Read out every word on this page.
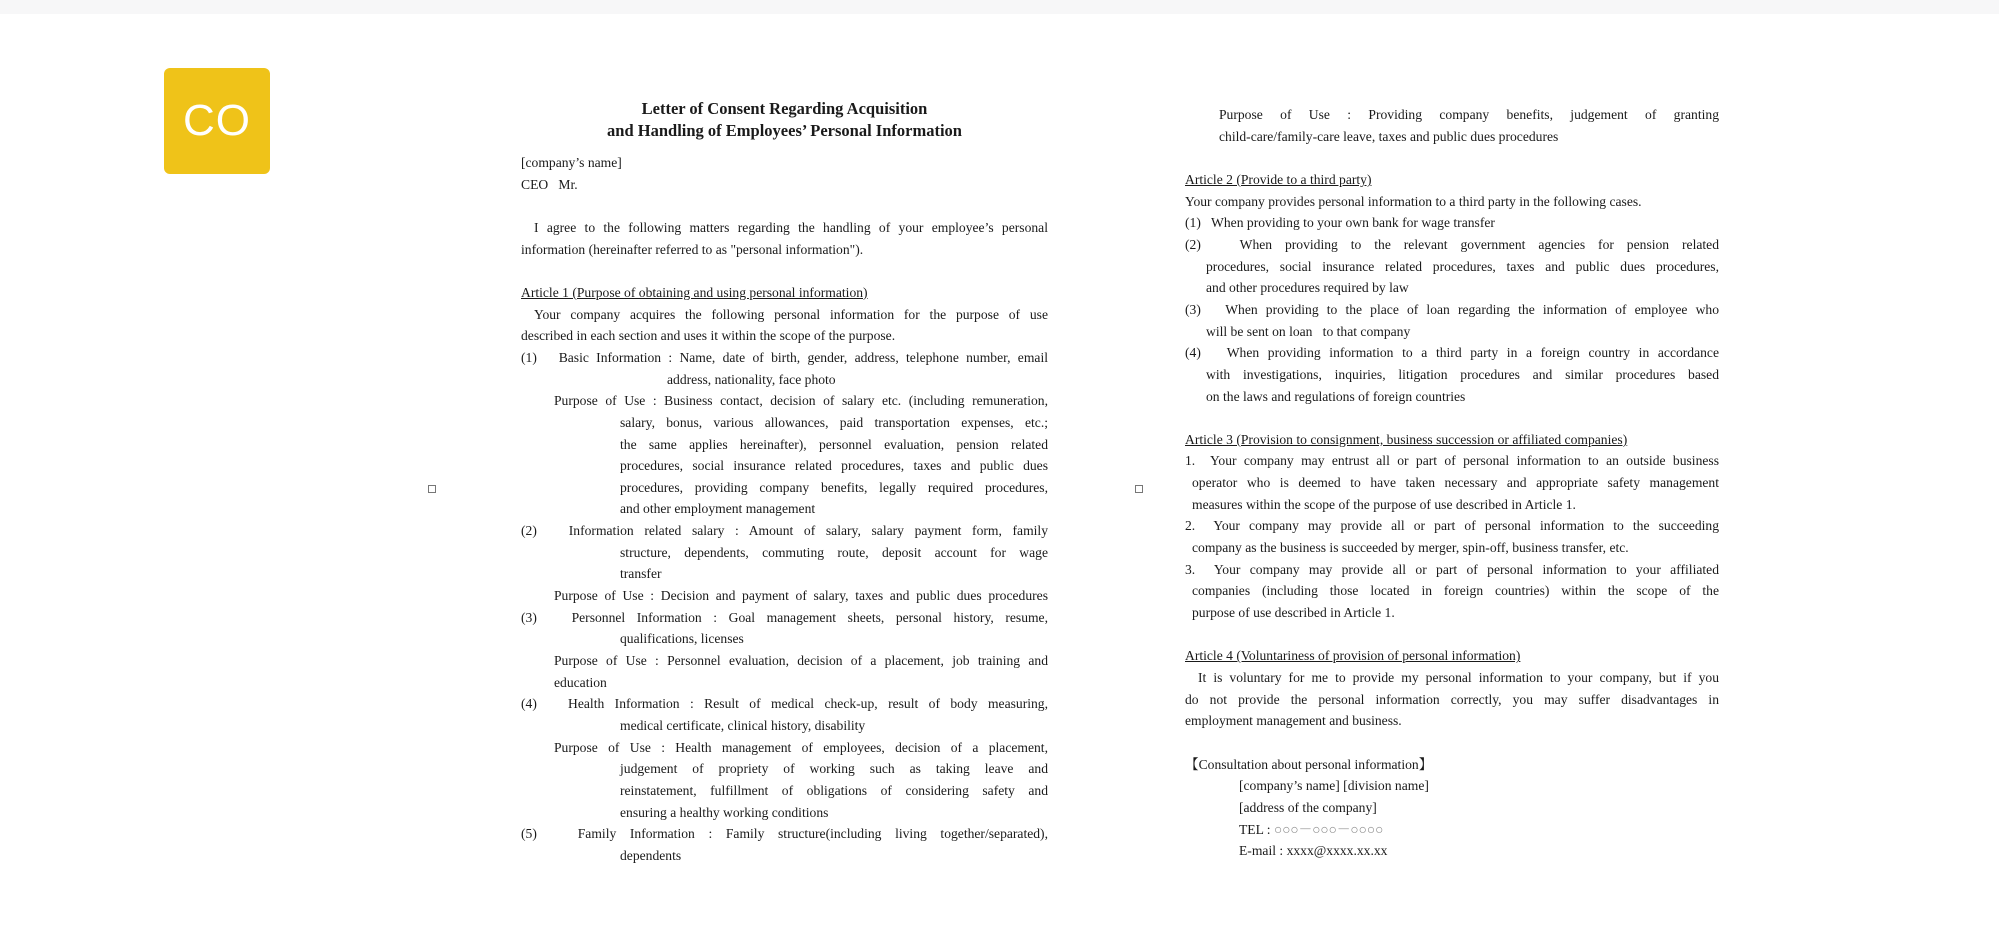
CO	Letter of Consent Regarding Acquisition
and Handling of Employees’ Personal Information

[company’s name]

CEO   Mr.

I agree to the following matters regarding the handling of your employee’s personal

information (hereinafter referred to as "personal information").

Article 1 (Purpose of obtaining and using personal information)

Your company acquires the following personal information for the purpose of use

described in each section and uses it within the scope of the purpose.

(1)   Basic Information : Name, date of birth, gender, address, telephone number, email

address, nationality, face photo

Purpose of Use : Business contact, decision of salary etc. (including remuneration,

salary, bonus, various allowances, paid transportation expenses, etc.;

the same applies hereinafter), personnel evaluation, pension related

procedures, social insurance related procedures, taxes and public dues

procedures, providing company benefits, legally required procedures,

and other employment management

(2)   Information related salary : Amount of salary, salary payment form, family

structure, dependents, commuting route, deposit account for wage

transfer

Purpose of Use : Decision and payment of salary, taxes and public dues procedures

(3)   Personnel Information : Goal management sheets, personal history, resume,

qualifications, licenses

Purpose of Use : Personnel evaluation, decision of a placement, job training and

education

(4)   Health Information : Result of medical check-up, result of body measuring,

medical certificate, clinical history, disability

Purpose of Use : Health management of employees, decision of a placement,

judgement of propriety of working such as taking leave and

reinstatement, fulfillment of obligations of considering safety and

ensuring a healthy working conditions

(5)   Family Information : Family structure(including living together/separated),

dependents

Purpose of Use : Providing company benefits, judgement of granting

child-care/family-care leave, taxes and public dues procedures

Article 2 (Provide to a third party)

Your company provides personal information to a third party in the following cases.

(1)   When providing to your own bank for wage transfer

(2)   When providing to the relevant government agencies for pension related

procedures, social insurance related procedures, taxes and public dues procedures,

and other procedures required by law

(3)   When providing to the place of loan regarding the information of employee who

will be sent on loan   to that company

(4)   When providing information to a third party in a foreign country in accordance

with investigations, inquiries, litigation procedures and similar procedures based

on the laws and regulations of foreign countries

Article 3 (Provision to consignment, business succession or affiliated companies)

1.  Your company may entrust all or part of personal information to an outside business

operator who is deemed to have taken necessary and appropriate safety management

measures within the scope of the purpose of use described in Article 1.

2.  Your company may provide all or part of personal information to the succeeding

company as the business is succeeded by merger, spin-off, business transfer, etc.

3.  Your company may provide all or part of personal information to your affiliated

companies (including those located in foreign countries) within the scope of the

purpose of use described in Article 1.

Article 4 (Voluntariness of provision of personal information)

It is voluntary for me to provide my personal information to your company, but if you

do not provide the personal information correctly, you may suffer disadvantages in

employment management and business.

【Consultation about personal information】

[company’s name] [division name]

[address of the company]

TEL : ○○○－○○○－○○○○

E-mail : xxxx@xxxx.xx.xx
